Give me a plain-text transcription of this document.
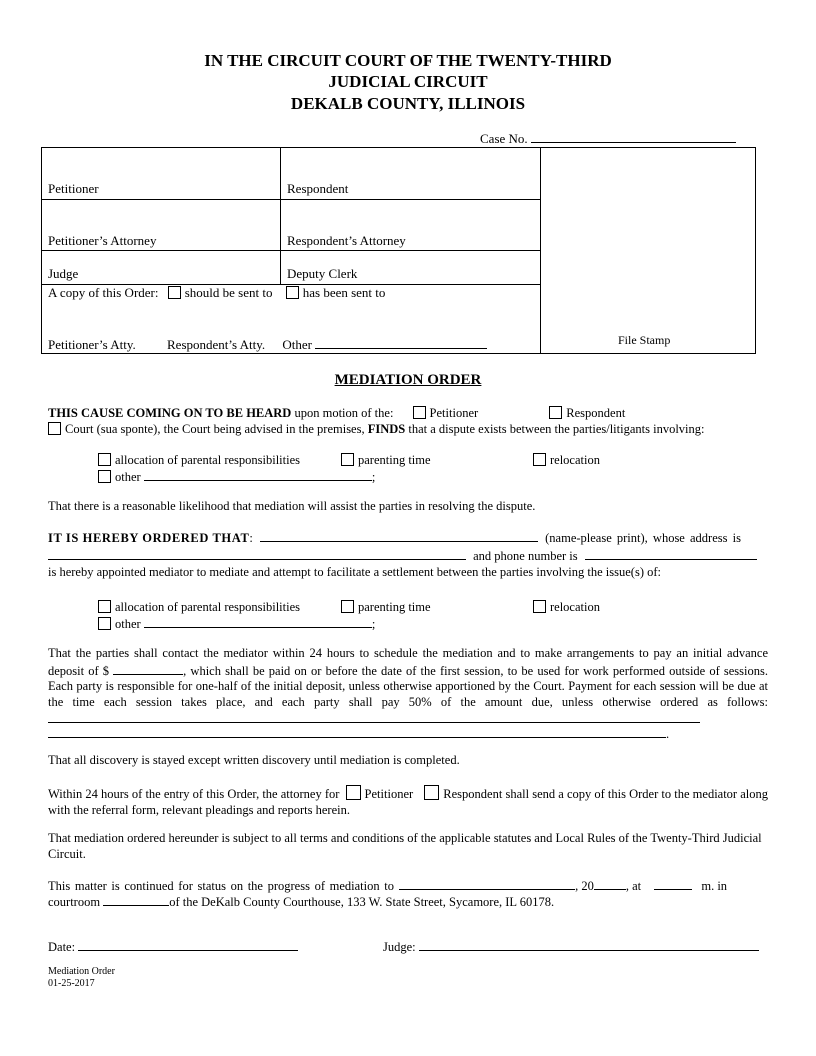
IN THE CIRCUIT COURT OF THE TWENTY-THIRD
JUDICIAL CIRCUIT
DEKALB COUNTY, ILLINOIS
Case No.
Petitioner	Respondent
Petitioner’s Attorney	Respondent’s Attorney
Judge	Deputy Clerk
A copy of this Order: should be sent to has been sent to
Petitioner’s Atty. Respondent’s Atty. Other	File Stamp
MEDIATION ORDER
THIS CAUSE COMING ON TO BE HEARD upon motion of the:	Petitioner	Respondent
Court (sua sponte), the Court being advised in the premises, FINDS that a dispute exists between the parties/litigants involving:
allocation of parental responsibilities	parenting time	relocation
other	;
That there is a reasonable likelihood that mediation will assist the parties in resolving the dispute.
IT IS HEREBY ORDERED THAT:	(name-please print), whose address is
and phone number is
is hereby appointed mediator to mediate and attempt to facilitate a settlement between the parties involving the issue(s) of:
allocation of parental responsibilities	parenting time	relocation
other	;
That the parties shall contact the mediator within 24 hours to schedule the mediation and to make arrangements to pay an initial advance deposit of $	, which shall be paid on or before the date of the first session, to be used for work performed outside of sessions. Each party is responsible for one-half of the initial deposit, unless otherwise apportioned by the Court. Payment for each session will be due at the time each session takes place, and each party shall pay 50% of the amount due, unless otherwise ordered as follows:
.
That all discovery is stayed except written discovery until mediation is completed.
Within 24 hours of the entry of this Order, the attorney for Petitioner Respondent shall send a copy of this Order to the mediator along with the referral form, relevant pleadings and reports herein.
That mediation ordered hereunder is subject to all terms and conditions of the applicable statutes and Local Rules of the Twenty-Third Judicial Circuit.
This matter is continued for status on the progress of mediation to	, 20	, at	m. in
courtroom	of the DeKalb County Courthouse, 133 W. State Street, Sycamore, IL 60178.
Date:	Judge:
Mediation Order
01-25-2017
